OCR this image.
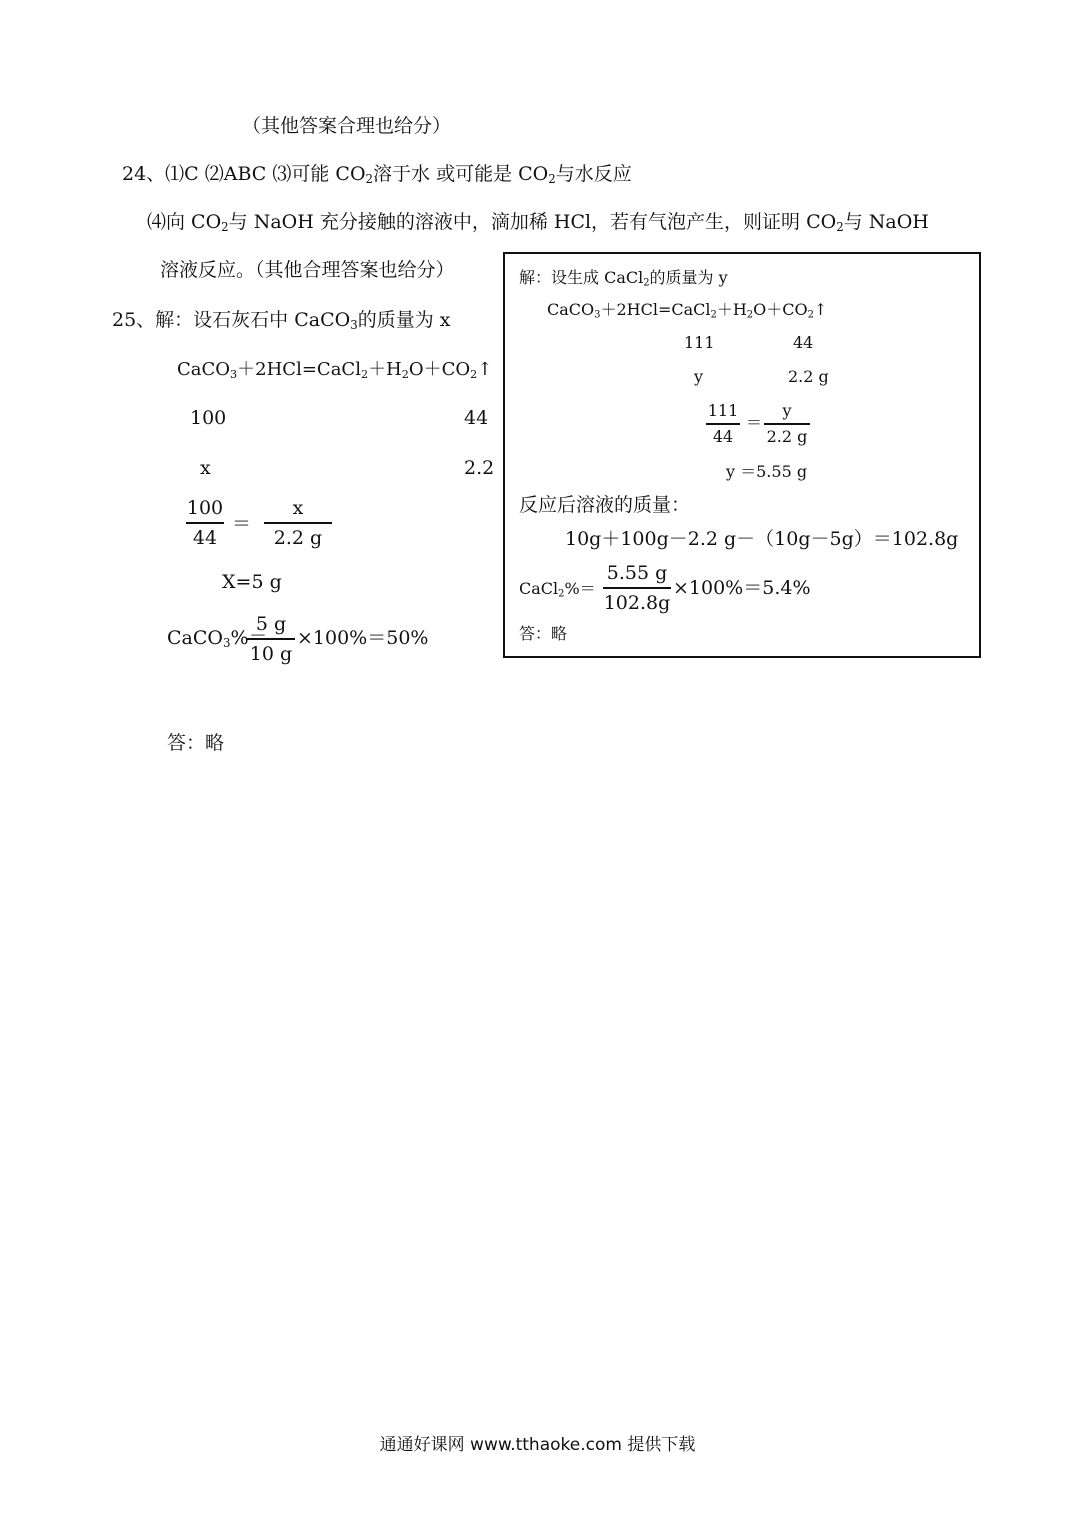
（其他答案合理也给分）
24、⑴C ⑵ABC ⑶可能 $CO_2$溶于水 或可能是 $CO_2$与水反应
⑷向 $CO_2$与 NaOH 充分接触的溶液中，滴加稀 HCl，若有气泡产生，则证明 $CO_2$与 NaOH
溶液反应。（其他合理答案也给分）
25、解：设石灰石中 CaCO$_3$的质量为 x
$CaCO_3+2HCl=CaCl_2+H_2O+CO_2↑$
100	44
x	2.2
100
44
＝
x
2.2 g
X=5 g
CaCO$_3$%＝
5 g
10 g
×100%＝50%
答：略
解：设生成 CaCl$_2$的质量为 y
$CaCO_3+2HCl=CaCl_2+H_2O+CO_2↑$
111	44
y	2.2 g
111
44
＝
y
2.2 g
y ＝5.55 g
反应后溶液的质量：
10g＋100g－2.2 g－（10g－5g）＝102.8g
CaCl$_2$%＝
5.55 g
102.8g
×100%＝5.4%
答：略
通通好课网 www.tthaoke.com 提供下载
